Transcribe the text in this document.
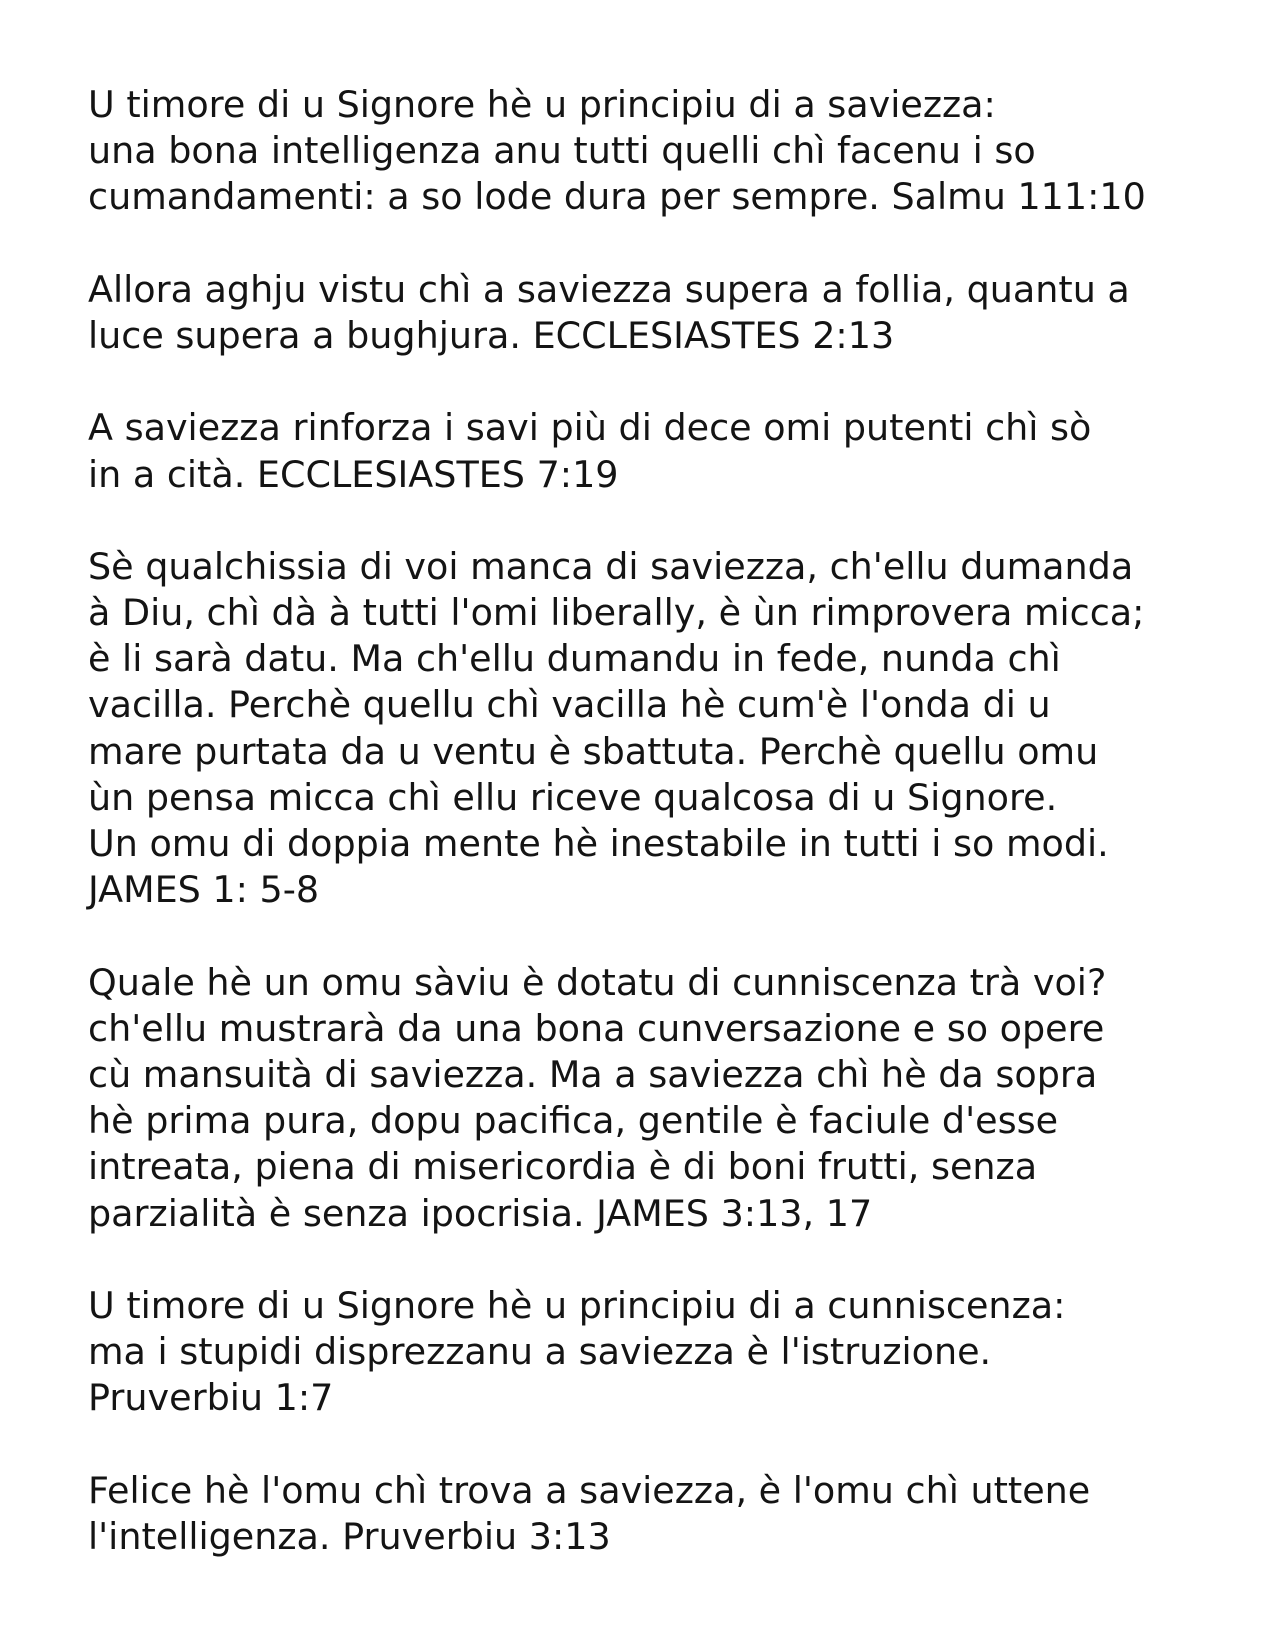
U timore di u Signore hè u principiu di a saviezza:
una bona intelligenza anu tutti quelli chì facenu i so
cumandamenti: a so lode dura per sempre. Salmu 111:10
Allora aghju vistu chì a saviezza supera a follia, quantu a
luce supera a bughjura. ECCLESIASTES 2:13
A saviezza rinforza i savi più di dece omi putenti chì sò
in a cità. ECCLESIASTES 7:19
Sè qualchissia di voi manca di saviezza, ch'ellu dumanda
à Diu, chì dà à tutti l'omi liberally, è ùn rimprovera micca;
è li sarà datu. Ma ch'ellu dumandu in fede, nunda chì
vacilla. Perchè quellu chì vacilla hè cum'è l'onda di u
mare purtata da u ventu è sbattuta. Perchè quellu omu
ùn pensa micca chì ellu riceve qualcosa di u Signore.
Un omu di doppia mente hè inestabile in tutti i so modi.
JAMES 1: 5-8
Quale hè un omu sàviu è dotatu di cunniscenza trà voi?
ch'ellu mustrarà da una bona cunversazione e so opere
cù mansuità di saviezza. Ma a saviezza chì hè da sopra
hè prima pura, dopu pacifica, gentile è faciule d'esse
intreata, piena di misericordia è di boni frutti, senza
parzialità è senza ipocrisia. JAMES 3:13, 17
U timore di u Signore hè u principiu di a cunniscenza:
ma i stupidi disprezzanu a saviezza è l'istruzione.
Pruverbiu 1:7
Felice hè l'omu chì trova a saviezza, è l'omu chì uttene
l'intelligenza. Pruverbiu 3:13
